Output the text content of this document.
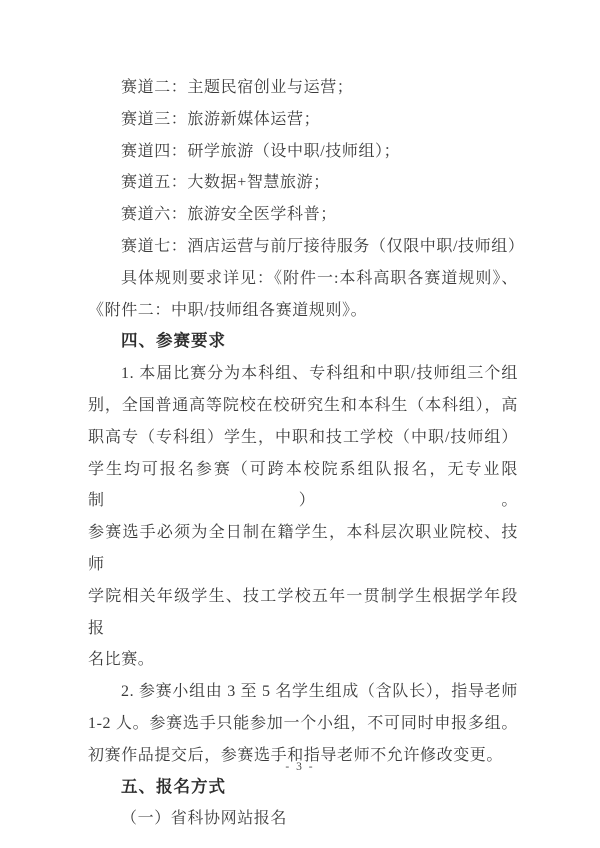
赛道二：主题民宿创业与运营；
赛道三：旅游新媒体运营；
赛道四：研学旅游（设中职/技师组）；
赛道五：大数据+智慧旅游；
赛道六：旅游安全医学科普；
赛道七：酒店运营与前厅接待服务（仅限中职/技师组）
具体规则要求详见：《附件一:本科高职各赛道规则》、
《附件二：中职/技师组各赛道规则》。
四、参赛要求
1. 本届比赛分为本科组、专科组和中职/技师组三个组
别，全国普通高等院校在校研究生和本科生（本科组），高
职高专（专科组）学生，中职和技工学校（中职/技师组）
学生均可报名参赛（可跨本校院系组队报名，无专业限制）。
参赛选手必须为全日制在籍学生，本科层次职业院校、技师
学院相关年级学生、技工学校五年一贯制学生根据学年段报
名比赛。
2. 参赛小组由 3 至 5 名学生组成（含队长），指导老师
1-2 人。参赛选手只能参加一个小组，不可同时申报多组。
初赛作品提交后，参赛选手和指导老师不允许修改变更。
五、报名方式
（一）省科协网站报名
- 3 -
